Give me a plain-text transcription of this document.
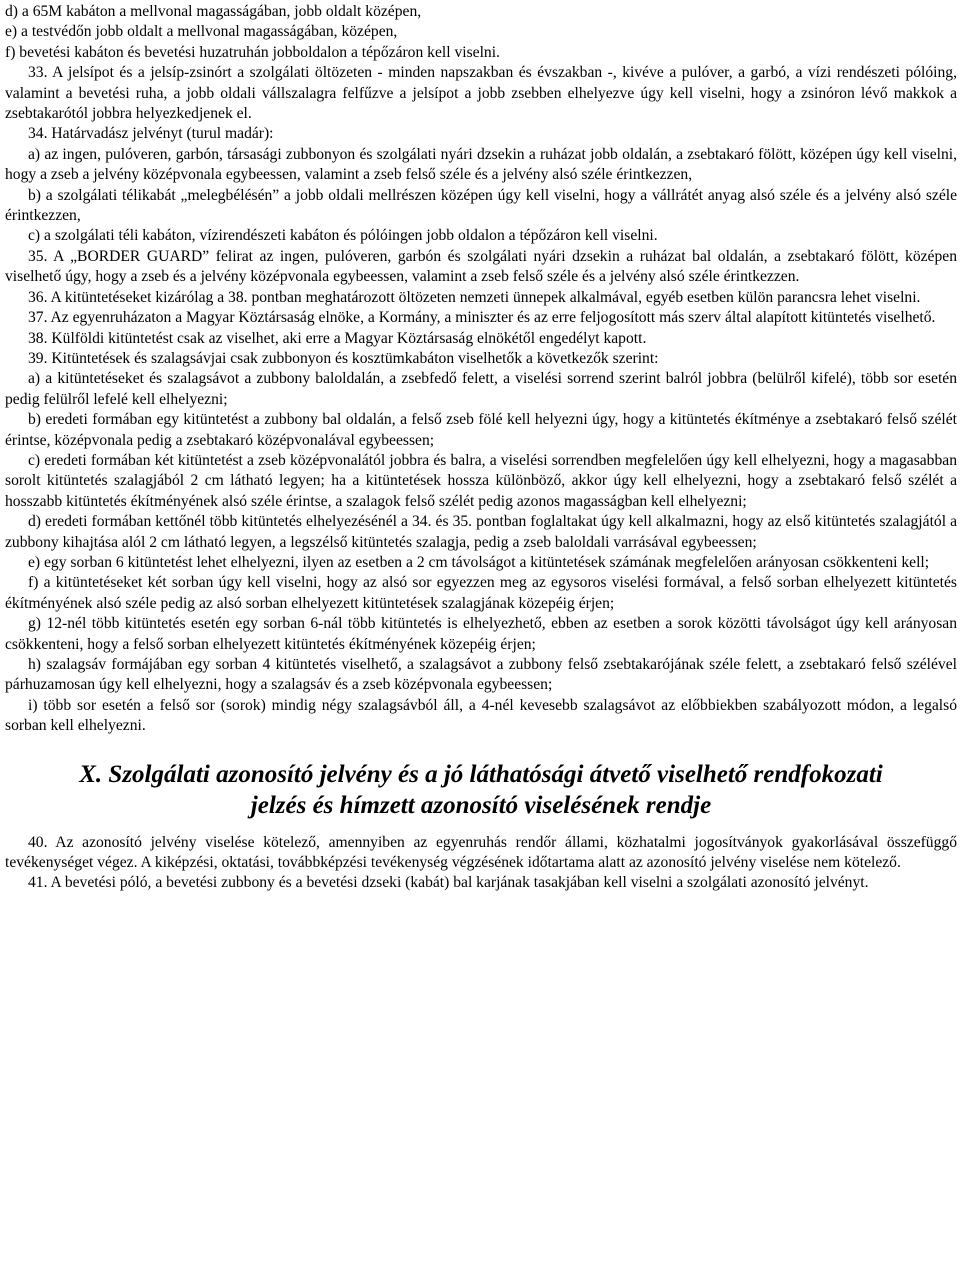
d) a 65M kabáton a mellvonal magasságában, jobb oldalt középen,

e) a testvédőn jobb oldalt a mellvonal magasságában, középen,

f) bevetési kabáton és bevetési huzatruhán jobboldalon a tépőzáron kell viselni.

33. A jelsípot és a jelsíp-zsinórt a szolgálati öltözeten - minden napszakban és évszakban -, kivéve a pulóver, a garbó, a vízi rendészeti pólóing, valamint a bevetési ruha, a jobb oldali vállszalagra felfűzve a jelsípot a jobb zsebben elhelyezve úgy kell viselni, hogy a zsinóron lévő makkok a zsebtakarótól jobbra helyezkedjenek el.

34. Határvadász jelvényt (turul madár):

a) az ingen, pulóveren, garbón, társasági zubbonyon és szolgálati nyári dzsekin a ruházat jobb oldalán, a zsebtakaró fölött, középen úgy kell viselni, hogy a zseb a jelvény középvonala egybeessen, valamint a zseb felső széle és a jelvény alsó széle érintkezzen,

b) a szolgálati télikabát „melegbélésén” a jobb oldali mellrészen középen úgy kell viselni, hogy a vállrátét anyag alsó széle és a jelvény alsó széle érintkezzen,

c) a szolgálati téli kabáton, vízirendészeti kabáton és pólóingen jobb oldalon a tépőzáron kell viselni.

35. A „BORDER GUARD” felirat az ingen, pulóveren, garbón és szolgálati nyári dzsekin a ruházat bal oldalán, a zsebtakaró fölött, középen viselhető úgy, hogy a zseb és a jelvény középvonala egybeessen, valamint a zseb felső széle és a jelvény alsó széle érintkezzen.

36. A kitüntetéseket kizárólag a 38. pontban meghatározott öltözeten nemzeti ünnepek alkalmával, egyéb esetben külön parancsra lehet viselni.

37. Az egyenruházaton a Magyar Köztársaság elnöke, a Kormány, a miniszter és az erre feljogosított más szerv által alapított kitüntetés viselhető.

38. Külföldi kitüntetést csak az viselhet, aki erre a Magyar Köztársaság elnökétől engedélyt kapott.

39. Kitüntetések és szalagsávjai csak zubbonyon és kosztümkabáton viselhetők a következők szerint:

a) a kitüntetéseket és szalagsávot a zubbony baloldalán, a zsebfedő felett, a viselési sorrend szerint balról jobbra (belülről kifelé), több sor esetén pedig felülről lefelé kell elhelyezni;

b) eredeti formában egy kitüntetést a zubbony bal oldalán, a felső zseb fölé kell helyezni úgy, hogy a kitüntetés ékítménye a zsebtakaró felső szélét érintse, középvonala pedig a zsebtakaró középvonalával egybeessen;

c) eredeti formában két kitüntetést a zseb középvonalától jobbra és balra, a viselési sorrendben megfelelően úgy kell elhelyezni, hogy a magasabban sorolt kitüntetés szalagjából 2 cm látható legyen; ha a kitüntetések hossza különböző, akkor úgy kell elhelyezni, hogy a zsebtakaró felső szélét a hosszabb kitüntetés ékítményének alsó széle érintse, a szalagok felső szélét pedig azonos magasságban kell elhelyezni;

d) eredeti formában kettőnél több kitüntetés elhelyezésénél a 34. és 35. pontban foglaltakat úgy kell alkalmazni, hogy az első kitüntetés szalagjától a zubbony kihajtása alól 2 cm látható legyen, a legszélső kitüntetés szalagja, pedig a zseb baloldali varrásával egybeessen;

e) egy sorban 6 kitüntetést lehet elhelyezni, ilyen az esetben a 2 cm távolságot a kitüntetések számának megfelelően arányosan csökkenteni kell;

f) a kitüntetéseket két sorban úgy kell viselni, hogy az alsó sor egyezzen meg az egysoros viselési formával, a felső sorban elhelyezett kitüntetés ékítményének alsó széle pedig az alsó sorban elhelyezett kitüntetések szalagjának közepéig érjen;

g) 12-nél több kitüntetés esetén egy sorban 6-nál több kitüntetés is elhelyezhető, ebben az esetben a sorok közötti távolságot úgy kell arányosan csökkenteni, hogy a felső sorban elhelyezett kitüntetés ékítményének közepéig érjen;

h) szalagsáv formájában egy sorban 4 kitüntetés viselhető, a szalagsávot a zubbony felső zsebtakarójának széle felett, a zsebtakaró felső szélével párhuzamosan úgy kell elhelyezni, hogy a szalagsáv és a zseb középvonala egybeessen;

i) több sor esetén a felső sor (sorok) mindig négy szalagsávból áll, a 4-nél kevesebb szalagsávot az előbbiekben szabályozott módon, a legalsó sorban kell elhelyezni.

X. Szolgálati azonosító jelvény és a jó láthatósági átvető viselhető rendfokozati
jelzés és hímzett azonosító viselésének rendje

40. Az azonosító jelvény viselése kötelező, amennyiben az egyenruhás rendőr állami, közhatalmi jogosítványok gyakorlásával összefüggő tevékenységet végez. A kiképzési, oktatási, továbbképzési tevékenység végzésének időtartama alatt az azonosító jelvény viselése nem kötelező.

41. A bevetési póló, a bevetési zubbony és a bevetési dzseki (kabát) bal karjának tasakjában kell viselni a szolgálati azonosító jelvényt.
